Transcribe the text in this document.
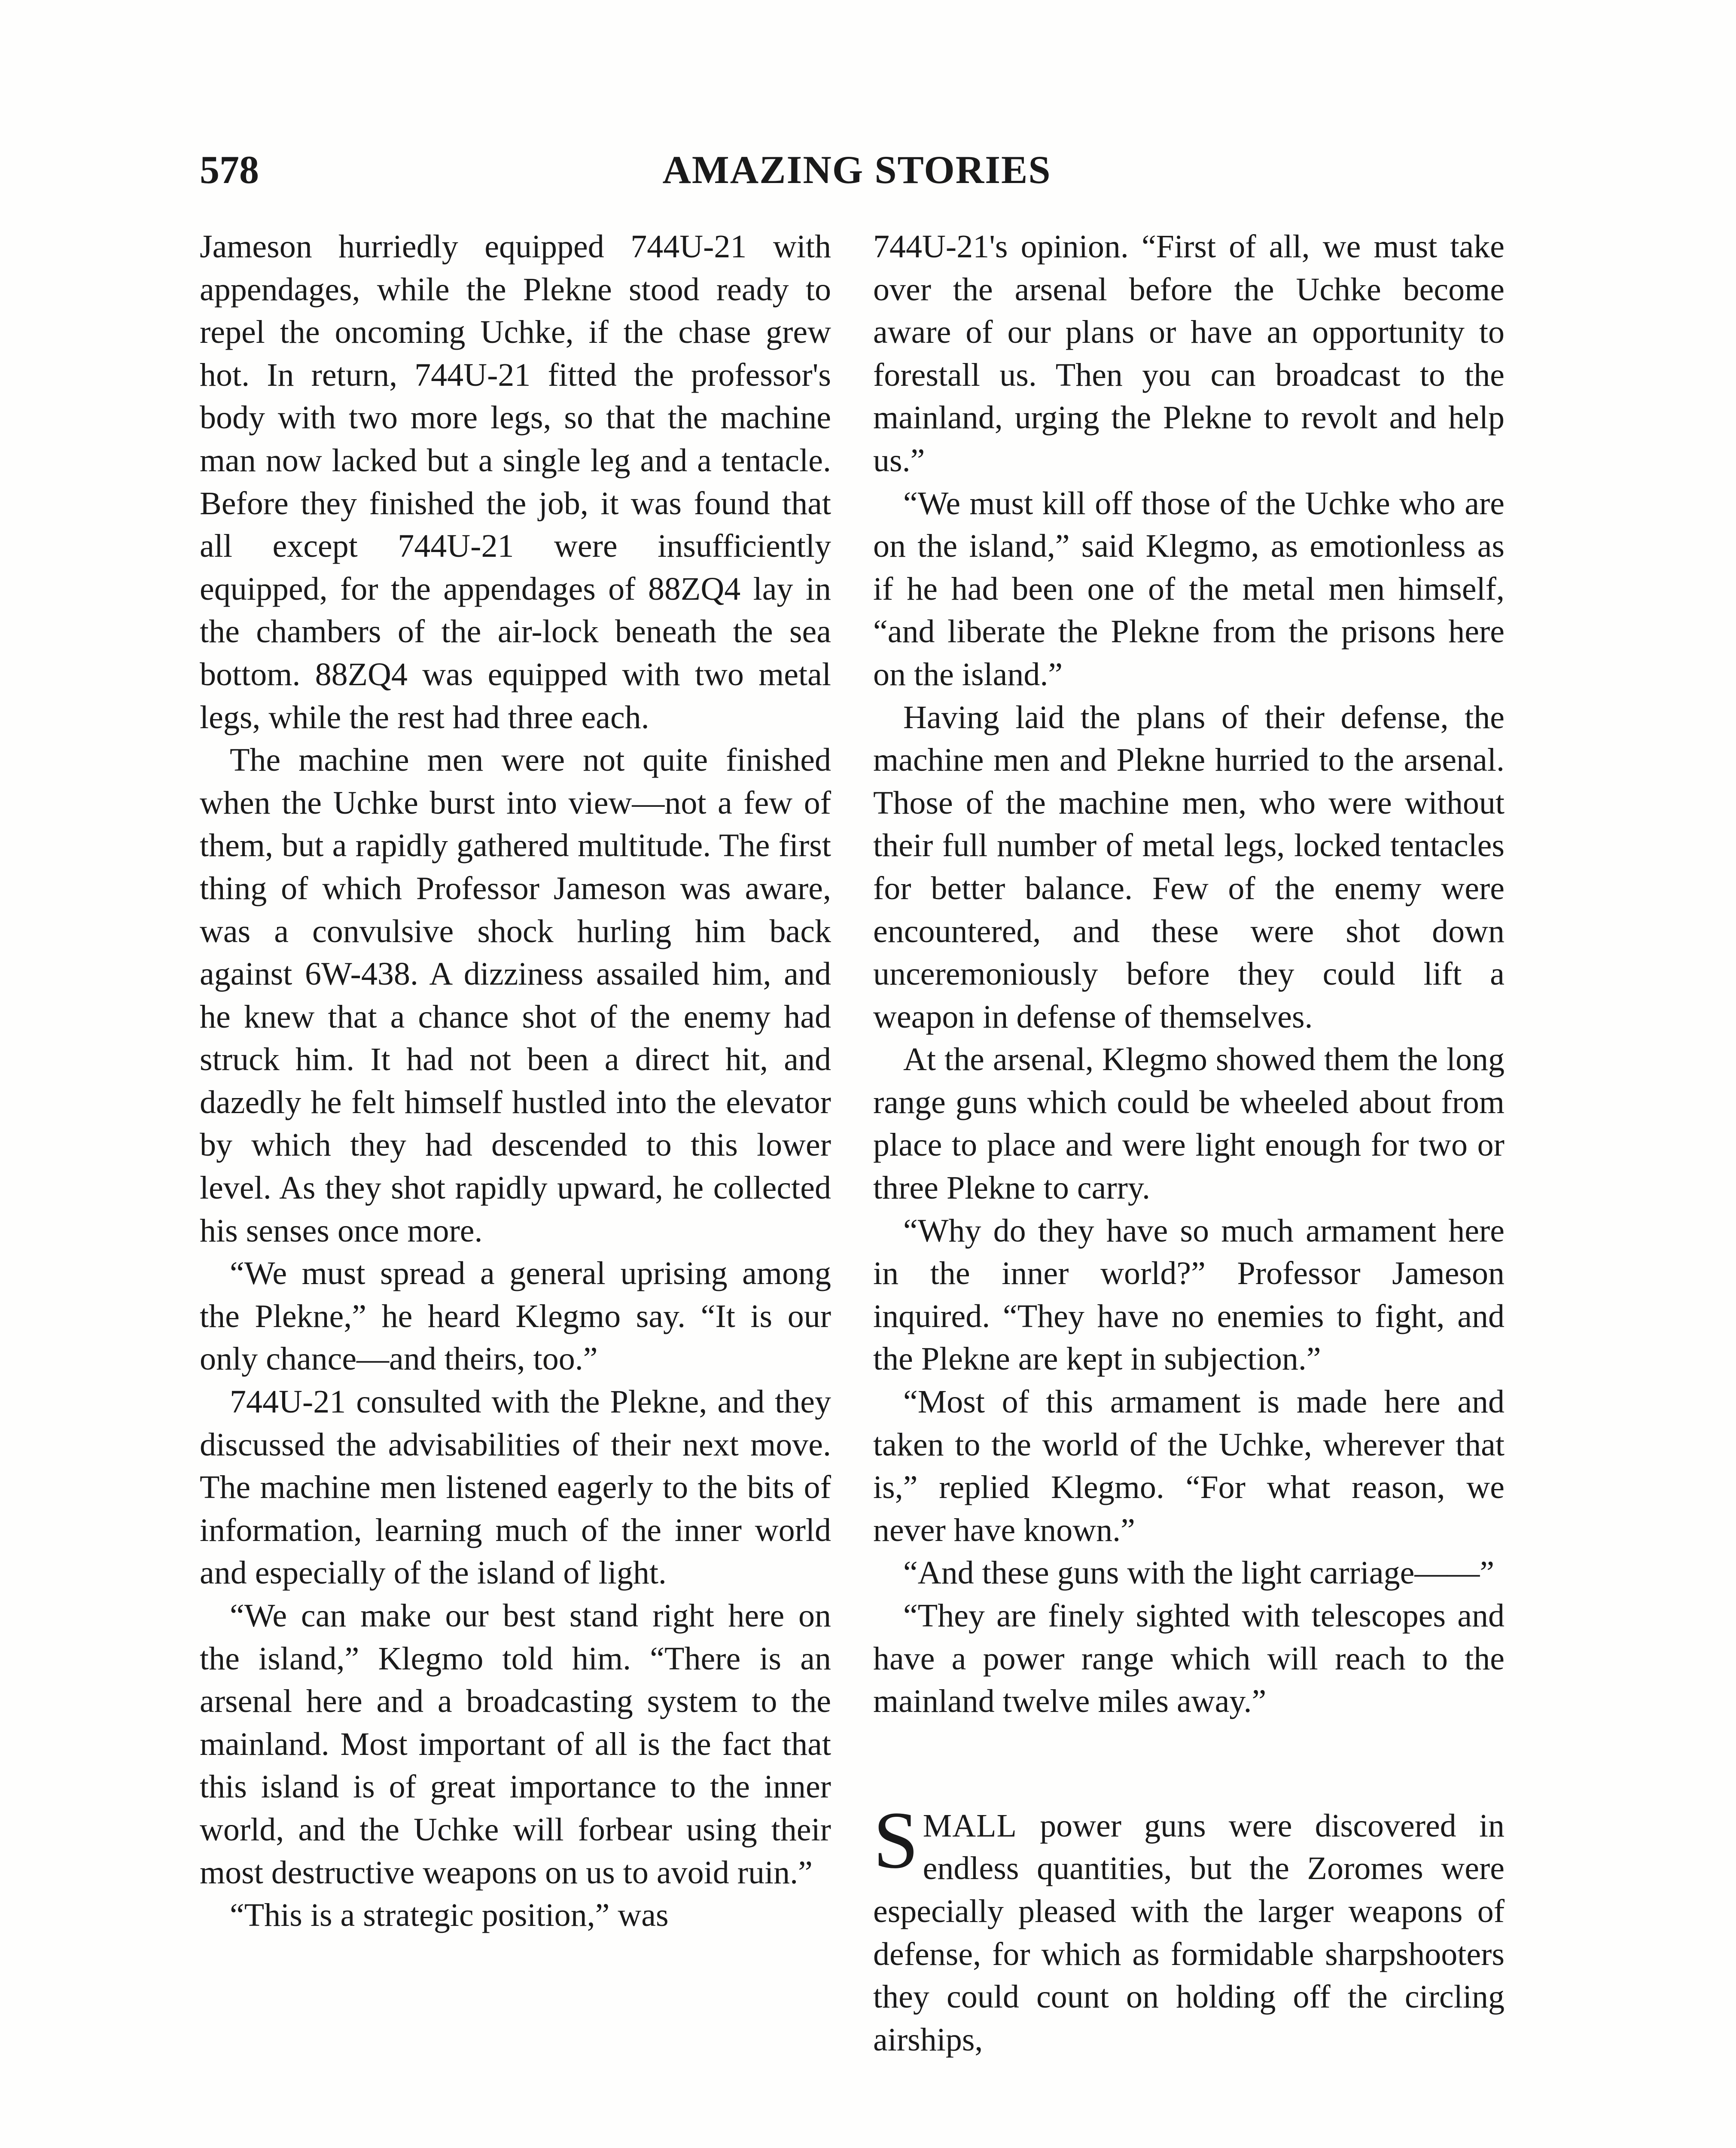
578	AMAZING STORIES

Jameson hurriedly equipped 744U-21 with appendages, while the Plekne stood ready to repel the oncoming Uchke, if the chase grew hot. In return, 744U-21 fitted the professor's body with two more legs, so that the machine man now lacked but a single leg and a tentacle. Before they finished the job, it was found that all except 744U-21 were insufficiently equipped, for the appendages of 88ZQ4 lay in the chambers of the air-lock beneath the sea bottom. 88ZQ4 was equipped with two metal legs, while the rest had three each.

The machine men were not quite finished when the Uchke burst into view—not a few of them, but a rapidly gathered multitude. The first thing of which Professor Jameson was aware, was a convulsive shock hurling him back against 6W-438. A dizziness assailed him, and he knew that a chance shot of the enemy had struck him. It had not been a direct hit, and dazedly he felt himself hustled into the elevator by which they had descended to this lower level. As they shot rapidly upward, he collected his senses once more.

“We must spread a general uprising among the Plekne,” he heard Klegmo say. “It is our only chance—and theirs, too.”

744U-21 consulted with the Plekne, and they discussed the advisabilities of their next move. The machine men listened eagerly to the bits of information, learning much of the inner world and especially of the island of light.

“We can make our best stand right here on the island,” Klegmo told him. “There is an arsenal here and a broadcasting system to the mainland. Most important of all is the fact that this island is of great importance to the inner world, and the Uchke will forbear using their most destructive weapons on us to avoid ruin.”

“This is a strategic position,” was

744U-21's opinion. “First of all, we must take over the arsenal before the Uchke become aware of our plans or have an opportunity to forestall us. Then you can broadcast to the mainland, urging the Plekne to revolt and help us.”

“We must kill off those of the Uchke who are on the island,” said Klegmo, as emotionless as if he had been one of the metal men himself, “and liberate the Plekne from the prisons here on the island.”

Having laid the plans of their defense, the machine men and Plekne hurried to the arsenal. Those of the machine men, who were without their full number of metal legs, locked tentacles for better balance. Few of the enemy were encountered, and these were shot down unceremoniously before they could lift a weapon in defense of themselves.

At the arsenal, Klegmo showed them the long range guns which could be wheeled about from place to place and were light enough for two or three Plekne to carry.

“Why do they have so much armament here in the inner world?” Professor Jameson inquired. “They have no enemies to fight, and the Plekne are kept in subjection.”

“Most of this armament is made here and taken to the world of the Uchke, wherever that is,” replied Klegmo. “For what reason, we never have known.”

“And these guns with the light carriage——”

“They are finely sighted with telescopes and have a power range which will reach to the mainland twelve miles away.”

SMALL power guns were discovered in endless quantities, but the Zoromes were especially pleased with the larger weapons of defense, for which as formidable sharpshooters they could count on holding off the circling airships,
